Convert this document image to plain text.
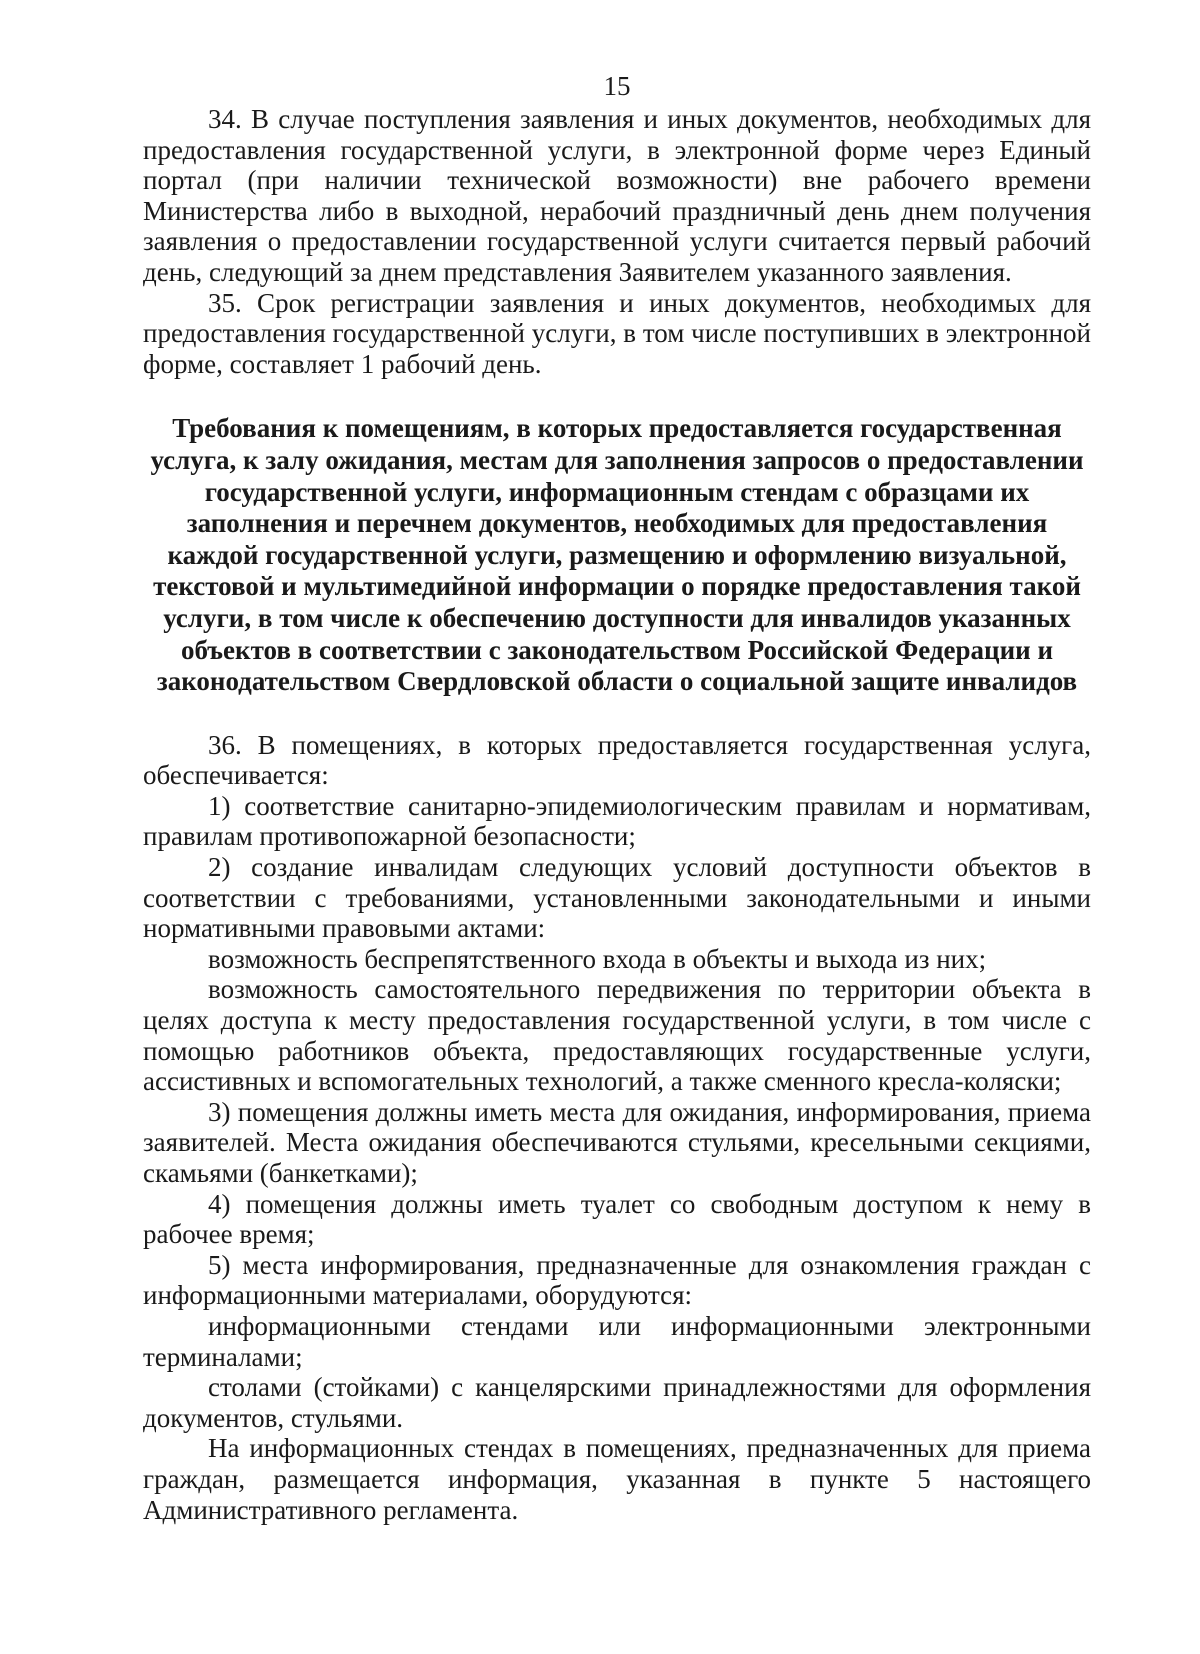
15

34. В случае поступления заявления и иных документов, необходимых для предоставления государственной услуги, в электронной форме через Единый портал (при наличии технической возможности) вне рабочего времени Министерства либо в выходной, нерабочий праздничный день днем получения заявления о предоставлении государственной услуги считается первый рабочий день, следующий за днем представления Заявителем указанного заявления.

35. Срок регистрации заявления и иных документов, необходимых для предоставления государственной услуги, в том числе поступивших в электронной форме, составляет 1 рабочий день.

Требования к помещениям, в которых предоставляется государственная услуга, к залу ожидания, местам для заполнения запросов о предоставлении государственной услуги, информационным стендам с образцами их заполнения и перечнем документов, необходимых для предоставления каждой государственной услуги, размещению и оформлению визуальной, текстовой и мультимедийной информации о порядке предоставления такой услуги, в том числе к обеспечению доступности для инвалидов указанных объектов в соответствии с законодательством Российской Федерации и законодательством Свердловской области о социальной защите инвалидов

36. В помещениях, в которых предоставляется государственная услуга, обеспечивается:

1) соответствие санитарно-эпидемиологическим правилам и нормативам, правилам противопожарной безопасности;

2) создание инвалидам следующих условий доступности объектов в соответствии с требованиями, установленными законодательными и иными нормативными правовыми актами:

возможность беспрепятственного входа в объекты и выхода из них;

возможность самостоятельного передвижения по территории объекта в целях доступа к месту предоставления государственной услуги, в том числе с помощью работников объекта, предоставляющих государственные услуги, ассистивных и вспомогательных технологий, а также сменного кресла-коляски;

3) помещения должны иметь места для ожидания, информирования, приема заявителей. Места ожидания обеспечиваются стульями, кресельными секциями, скамьями (банкетками);

4) помещения должны иметь туалет со свободным доступом к нему в рабочее время;

5) места информирования, предназначенные для ознакомления граждан с информационными материалами, оборудуются:

информационными стендами или информационными электронными терминалами;

столами (стойками) с канцелярскими принадлежностями для оформления документов, стульями.

На информационных стендах в помещениях, предназначенных для приема граждан, размещается информация, указанная в пункте 5 настоящего Административного регламента.
